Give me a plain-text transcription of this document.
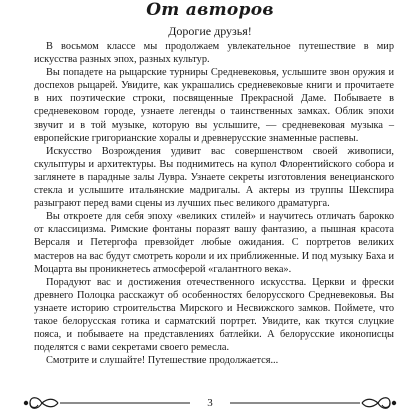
От авторов
Дорогие друзья!

В восьмом классе мы продолжаем увлекательное путешествие в мир искусства разных эпох, разных культур.

Вы попадете на рыцарские турниры Средневековья, услышите звон оружия и доспехов рыцарей. Увидите, как украшались средневековые книги и прочитаете в них поэтические строки, посвященные Прекрасной Даме. Побываете в средневековом городе, узнаете легенды о таинственных замках. Облик эпохи звучит и в той музыке, которую вы услышите, — средневековая музыка – европейские григорианские хоралы и древнерусские знаменные распевы.

Искусство Возрождения удивит вас совершенством своей живописи, скульптуры и архитектуры. Вы поднимитесь на купол Флорентийского собора и заглянете в парадные залы Лувра. Узнаете секреты изготовления венецианского стекла и услышите итальянские мадригалы. А актеры из труппы Шекспира разыграют перед вами сцены из лучших пьес великого драматурга.

Вы откроете для себя эпоху «великих стилей» и научитесь отличать барокко от классицизма. Римские фонтаны поразят вашу фантазию, а пышная красота Версаля и Петергофа превзойдет любые ожидания. С портретов великих мастеров на вас будут смотреть короли и их приближенные. И под музыку Баха и Моцарта вы проникнетесь атмосферой «галантного века».

Порадуют вас и достижения отечественного искусства. Церкви и фрески древнего Полоцка расскажут об особенностях белорусского Средневековья. Вы узнаете историю строительства Мирского и Несвижского замков. Поймете, что такое белорусская готика и сарматский портрет. Увидите, как ткутся слуцкие пояса, и побываете на представлениях батлейки. А белорусские иконописцы поделятся с вами секретами своего ремесла.

Смотрите и слушайте! Путешествие продолжается...

3
